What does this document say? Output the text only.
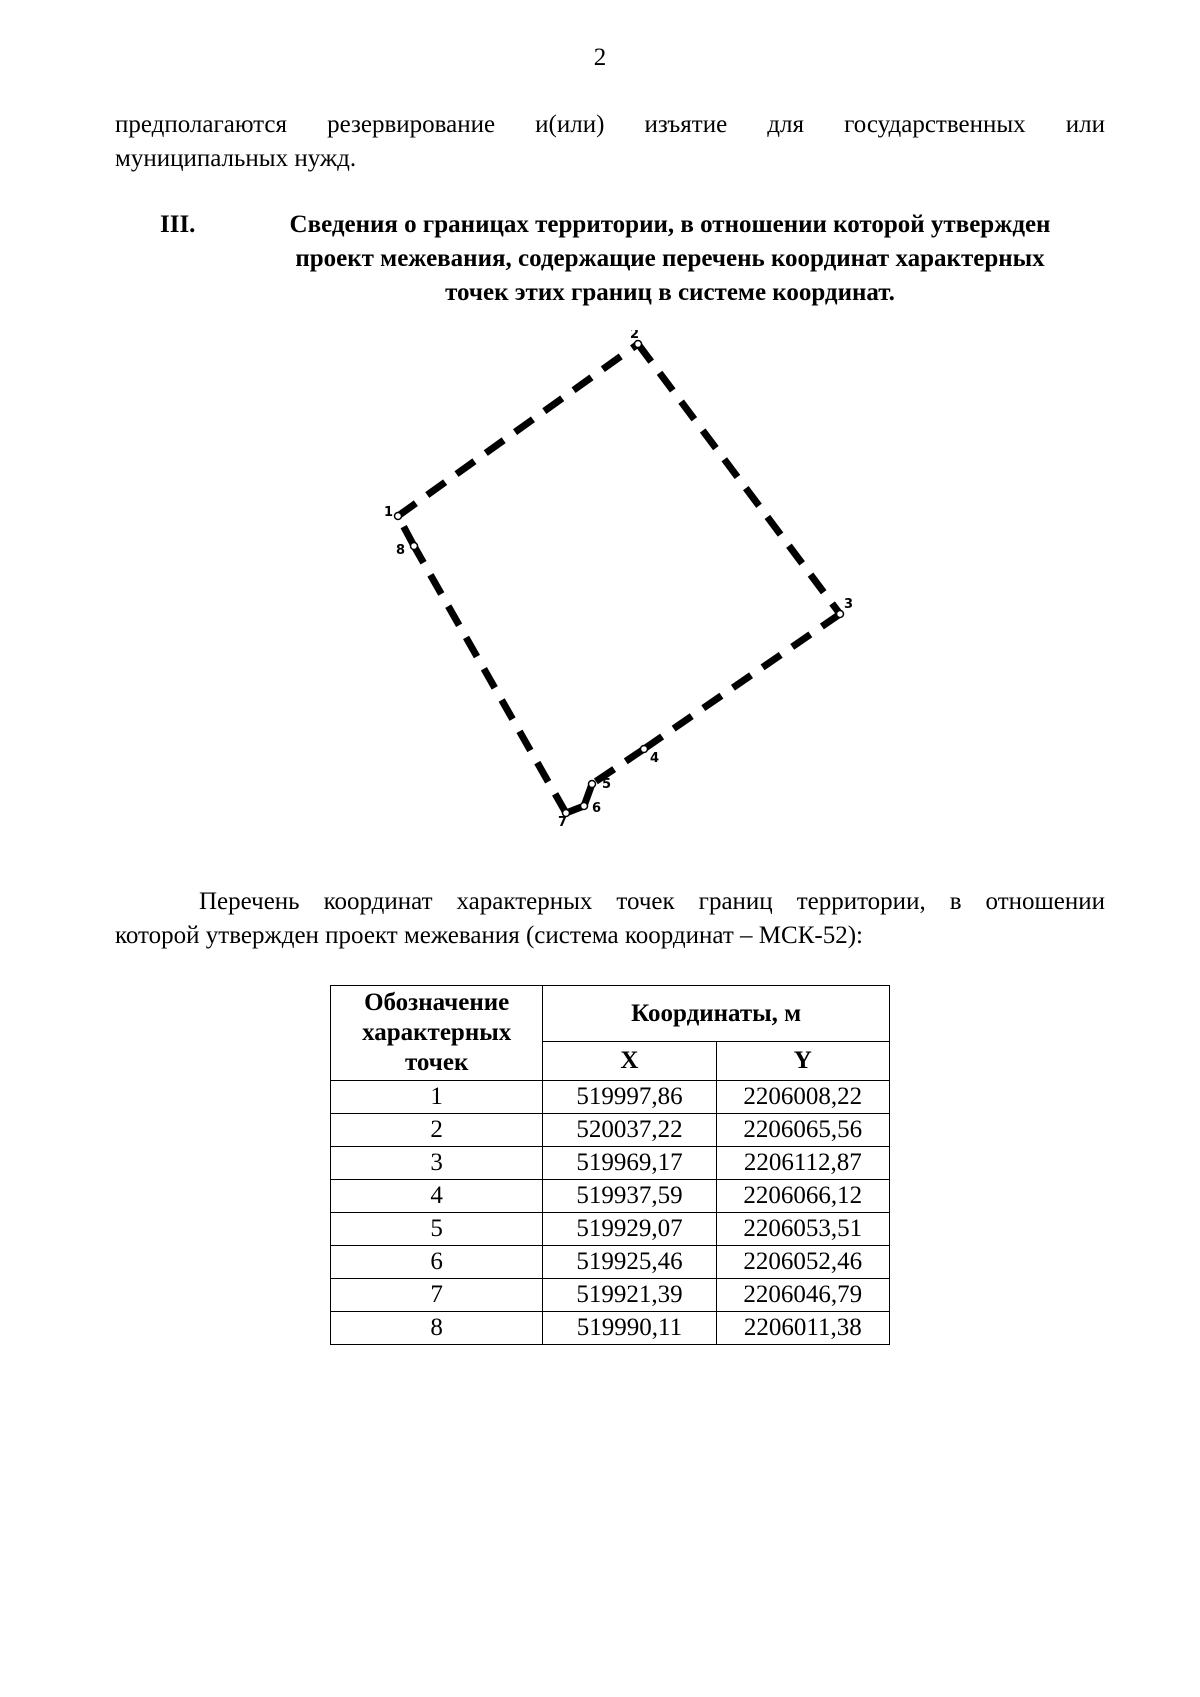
2
предполагаются резервирование и(или) изъятие для государственных или
муниципальных нужд.
III.	Сведения о границах территории, в отношении которой утвержден
проект межевания, содержащие перечень координат характерных
точек этих границ в системе координат.
1
2
3
4
5
6
7
8
Перечень координат характерных точек границ территории, в отношении
которой утвержден проект межевания (система координат – МСК-52):
Обозначение характерных точек	Координаты, м	
	X	Y
1	519997,86	2206008,22
2	520037,22	2206065,56
3	519969,17	2206112,87
4	519937,59	2206066,12
5	519929,07	2206053,51
6	519925,46	2206052,46
7	519921,39	2206046,79
8	519990,11	2206011,38
